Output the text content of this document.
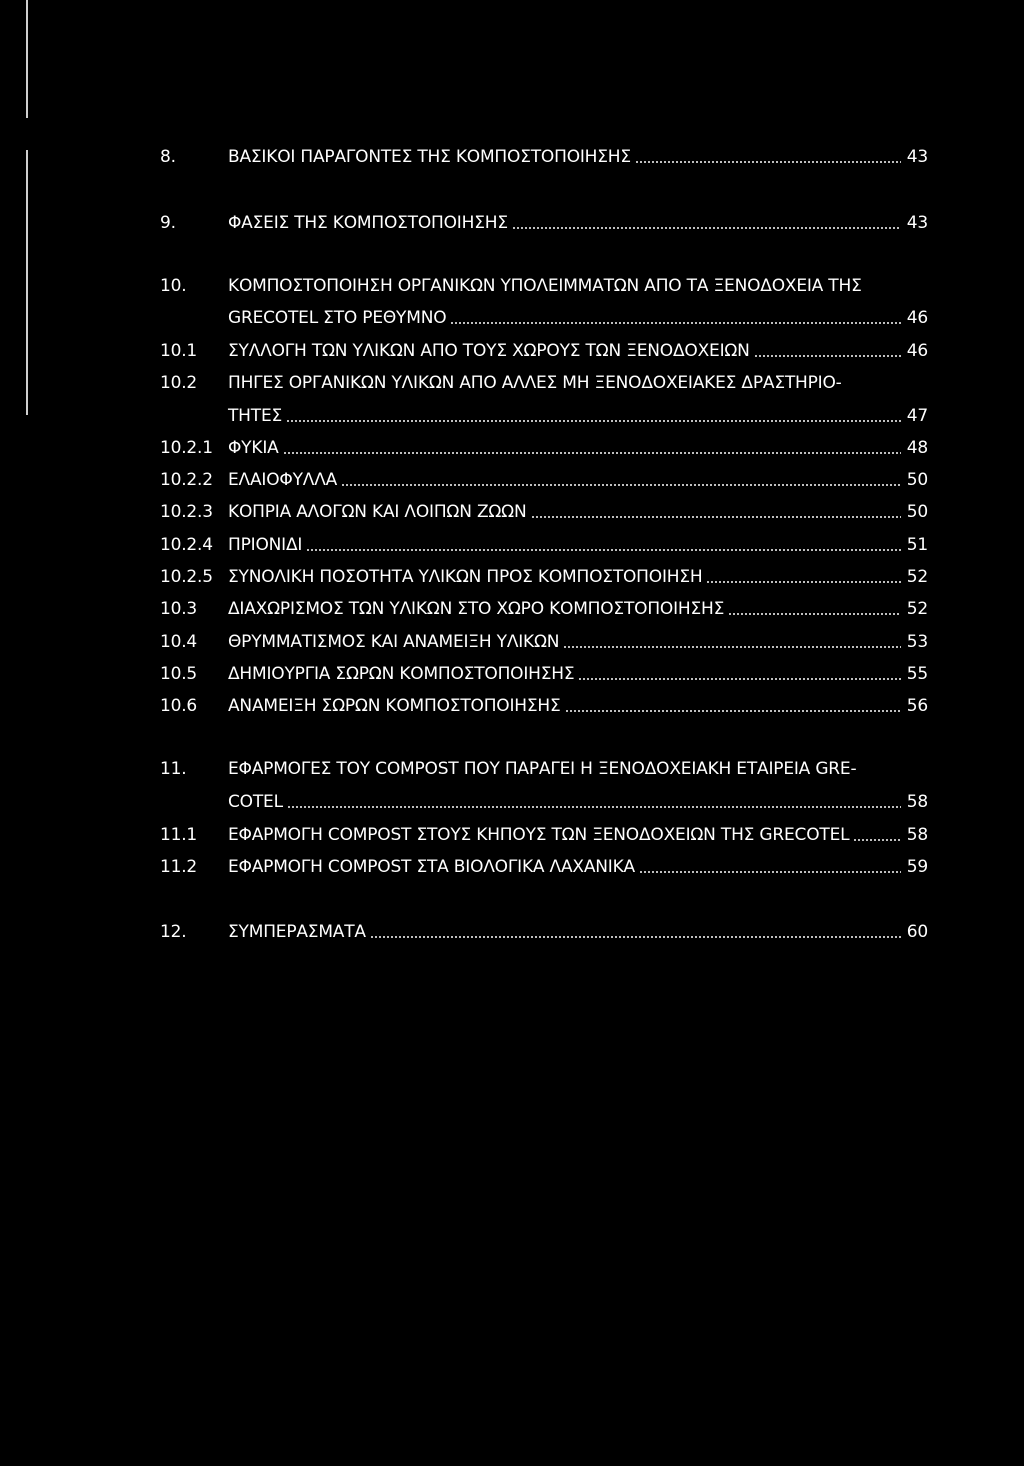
8.	ΒΑΣΙΚΟΙ ΠΑΡΑΓΟΝΤΕΣ ΤΗΣ ΚΟΜΠΟΣΤΟΠΟΙΗΣΗΣ	43
9.	ΦΑΣΕΙΣ ΤΗΣ ΚΟΜΠΟΣΤΟΠΟΙΗΣΗΣ	43
10. ΚΟΜΠΟΣΤΟΠΟΙΗΣΗ ΟΡΓΑΝΙΚΩΝ ΥΠΟΛΕΙΜΜΑΤΩΝ ΑΠΟ ΤΑ ΞΕΝΟΔΟΧΕΙΑ ΤΗΣ
GRECOTEL ΣΤΟ ΡΕΘΥΜΝΟ	46
10.1 ΣΥΛΛΟΓΗ ΤΩΝ ΥΛΙΚΩΝ ΑΠΟ ΤΟΥΣ ΧΩΡΟΥΣ ΤΩΝ ΞΕΝΟΔΟΧΕΙΩΝ	46
10.2 ΠΗΓΕΣ ΟΡΓΑΝΙΚΩΝ ΥΛΙΚΩΝ ΑΠΟ ΑΛΛΕΣ ΜΗ ΞΕΝΟΔΟΧΕΙΑΚΕΣ ΔΡΑΣΤΗΡΙΟ-
ΤΗΤΕΣ	47
10.2.1 ΦΥΚΙΑ	48
10.2.2 ΕΛΑΙΟΦΥΛΛΑ	50
10.2.3 ΚΟΠΡΙΑ ΑΛΟΓΩΝ ΚΑΙ ΛΟΙΠΩΝ ΖΩΩΝ	50
10.2.4 ΠΡΙΟΝΙΔΙ	51
10.2.5 ΣΥΝΟΛΙΚΗ ΠΟΣΟΤΗΤΑ ΥΛΙΚΩΝ ΠΡΟΣ ΚΟΜΠΟΣΤΟΠΟΙΗΣΗ	52
10.3 ΔΙΑΧΩΡΙΣΜΟΣ ΤΩΝ ΥΛΙΚΩΝ ΣΤΟ ΧΩΡΟ ΚΟΜΠΟΣΤΟΠΟΙΗΣΗΣ	52
10.4 ΘΡΥΜΜΑΤΙΣΜΟΣ ΚΑΙ ΑΝΑΜΕΙΞΗ ΥΛΙΚΩΝ	53
10.5 ΔΗΜΙΟΥΡΓΙΑ ΣΩΡΩΝ ΚΟΜΠΟΣΤΟΠΟΙΗΣΗΣ	55
10.6 ΑΝΑΜΕΙΞΗ ΣΩΡΩΝ ΚΟΜΠΟΣΤΟΠΟΙΗΣΗΣ	56
11. ΕΦΑΡΜΟΓΕΣ ΤΟΥ COMPOST ΠΟΥ ΠΑΡΑΓΕΙ Η ΞΕΝΟΔΟΧΕΙΑΚΗ ΕΤΑΙΡΕΙΑ GRE-
COTEL	58
11.1 ΕΦΑΡΜΟΓΗ COMPOST ΣΤΟΥΣ ΚΗΠΟΥΣ ΤΩΝ ΞΕΝΟΔΟΧΕΙΩΝ ΤΗΣ GRECOTEL	58
11.2 ΕΦΑΡΜΟΓΗ COMPOST ΣΤΑ ΒΙΟΛΟΓΙΚΑ ΛΑΧΑΝΙΚΑ	59
12. ΣΥΜΠΕΡΑΣΜΑΤΑ	60
